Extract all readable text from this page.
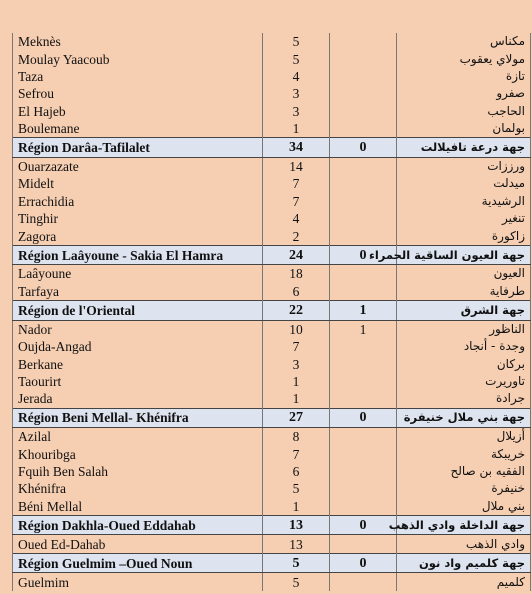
Meknès	5		مكناس
Moulay Yaacoub	5		مولاي يعقوب
Taza	4		تازة
Sefrou	3		صفرو
El Hajeb	3		الحاجب
Boulemane	1		بولمان
Région Darâa-Tafilalet	34	0	جهة درعة تافيلالت
Ouarzazate	14		ورززات
Midelt	7		ميدلت
Errachidia	7		الرشيدية
Tinghir	4		تنغير
Zagora	2		زاكورة
Région Laâyoune - Sakia El Hamra	24	0	جهة العيون الساقية الحمراء
Laâyoune	18		العيون
Tarfaya	6		طرفاية
Région de l'Oriental	22	1	جهة الشرق
Nador	10	1	الناظور
Oujda-Angad	7		وجدة - أنجاد
Berkane	3		بركان
Taourirt	1		تاوريرت
Jerada	1		جرادة
Région Beni Mellal- Khénifra	27	0	جهة بني ملال خنيفرة
Azilal	8		أزيلال
Khouribga	7		خريبكة
Fquih Ben Salah	6		الفقيه بن صالح
Khénifra	5		خنيفرة
Béni Mellal	1		بني ملال
Région Dakhla-Oued Eddahab	13	0	جهة الداخلة وادي الذهب
Oued Ed-Dahab	13		وادي الذهب
Région Guelmim –Oued Noun	5	0	جهة كلميم واد نون
Guelmim	5		كلميم
